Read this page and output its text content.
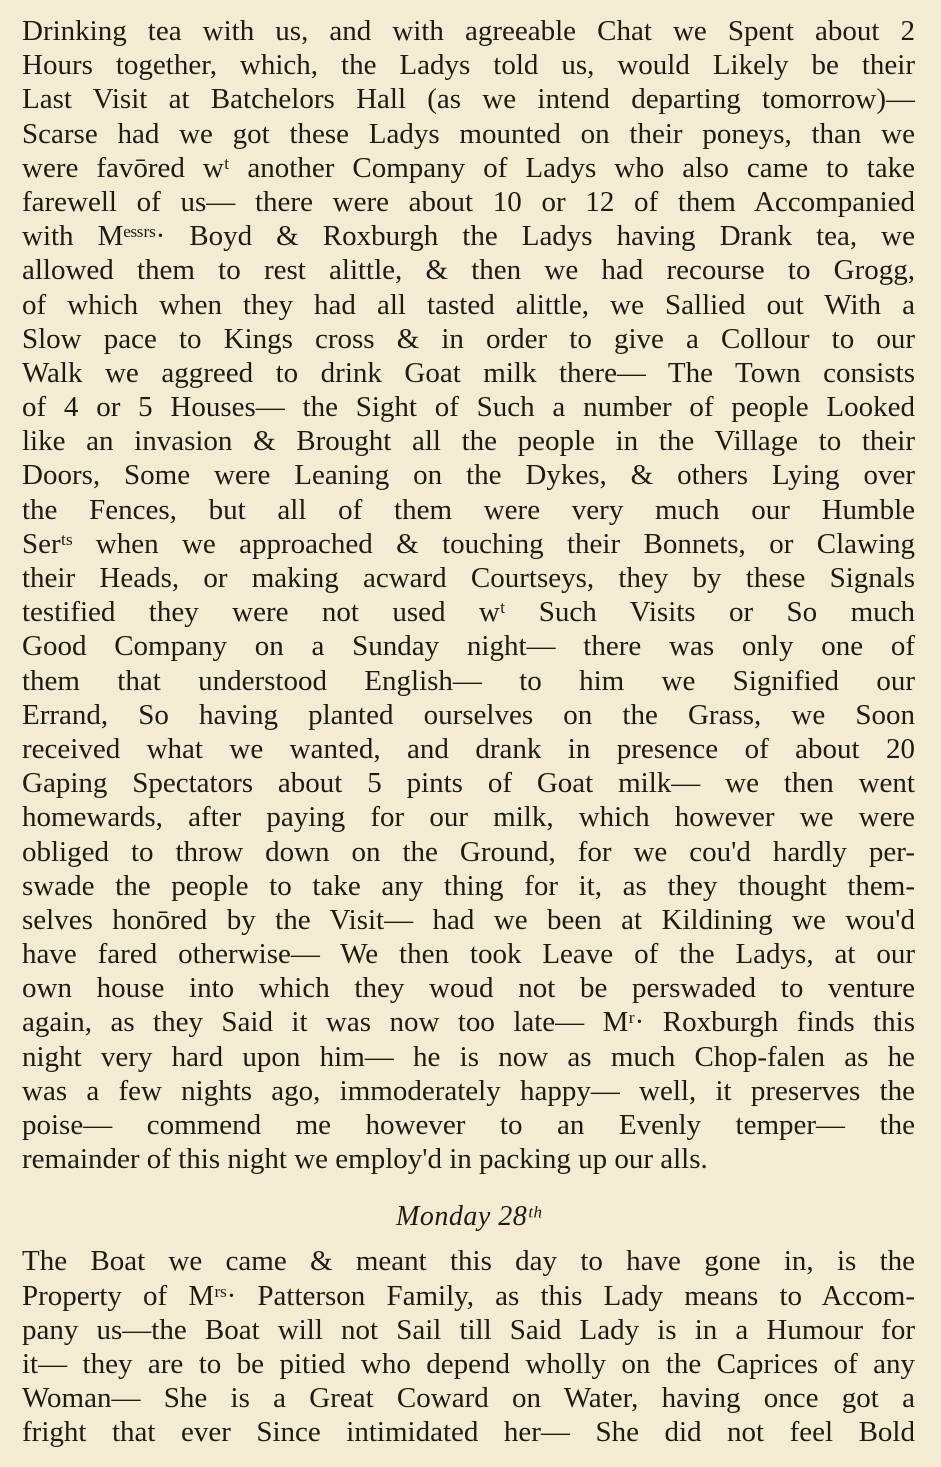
Drinking tea with us, and with agreeable Chat we Spent about 2
Hours together, which, the Ladys told us, would Likely be their
Last Visit at Batchelors Hall (as we intend departing tomorrow)—
Scarse had we got these Ladys mounted on their poneys, than we
were favōred wᵗ another Company of Ladys who also came to take
farewell of us— there were about 10 or 12 of them Accompanied
with Mᵉˢˢʳˢ· Boyd & Roxburgh the Ladys having Drank tea, we
allowed them to rest alittle, & then we had recourse to Grogg,
of which when they had all tasted alittle, we Sallied out With a
Slow pace to Kings cross & in order to give a Collour to our
Walk we aggreed to drink Goat milk there— The Town consists
of 4 or 5 Houses— the Sight of Such a number of people Looked
like an invasion & Brought all the people in the Village to their
Doors, Some were Leaning on the Dykes, & others Lying over
the Fences, but all of them were very much our Humble
Serᵗˢ when we approached & touching their Bonnets, or Clawing
their Heads, or making acward Courtseys, they by these Signals
testified they were not used wᵗ Such Visits or So much
Good Company on a Sunday night— there was only one of
them that understood English— to him we Signified our
Errand, So having planted ourselves on the Grass, we Soon
received what we wanted, and drank in presence of about 20
Gaping Spectators about 5 pints of Goat milk— we then went
homewards, after paying for our milk, which however we were
obliged to throw down on the Ground, for we cou'd hardly per-
swade the people to take any thing for it, as they thought them-
selves honōred by the Visit— had we been at Kildining we wou'd
have fared otherwise— We then took Leave of the Ladys, at our
own house into which they woud not be perswaded to venture
again, as they Said it was now too late— Mʳ· Roxburgh finds this
night very hard upon him— he is now as much Chop-falen as he
was a few nights ago, immoderately happy— well, it preserves the
poise— commend me however to an Evenly temper— the
remainder of this night we employ'd in packing up our alls.
Monday 28ᵗʰ
The Boat we came & meant this day to have gone in, is the
Property of Mʳˢ· Patterson Family, as this Lady means to Accom-
pany us—the Boat will not Sail till Said Lady is in a Humour for
it— they are to be pitied who depend wholly on the Caprices of any
Woman— She is a Great Coward on Water, having once got a
fright that ever Since intimidated her— She did not feel Bold
